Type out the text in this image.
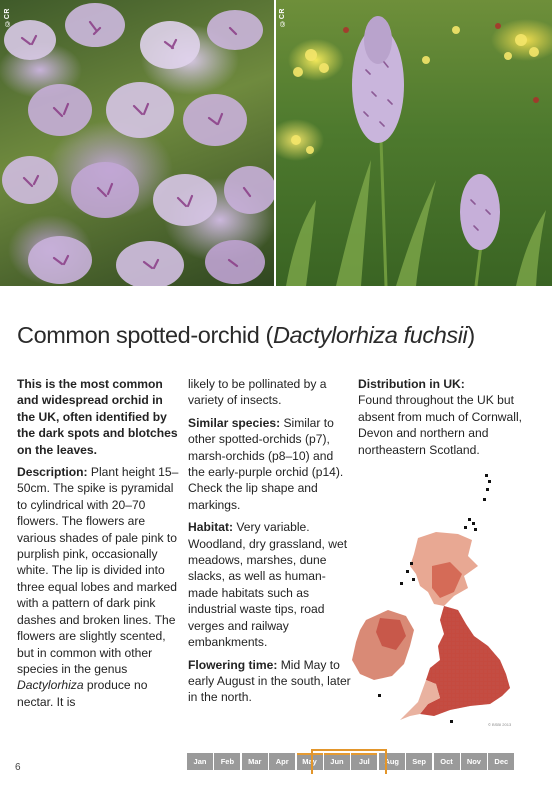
©CR	©CR
Common spotted-orchid (Dactylorhiza fuchsii)

This is the most common and widespread orchid in the UK, often identified by the dark spots and blotches on the leaves.

Description: Plant height 15–50cm. The spike is pyramidal to cylindrical with 20–70 flowers. The flowers are various shades of pale pink to purplish pink, occasionally white. The lip is divided into three equal lobes and marked with a pattern of dark pink dashes and broken lines. The flowers are slightly scented, but in common with other species in the genus Dactylorhiza produce no nectar. It is

likely to be pollinated by a variety of insects.

Similar species: Similar to other spotted-orchids (p7), marsh-orchids (p8–10) and the early-purple orchid (p14). Check the lip shape and markings.

Habitat: Very variable. Woodland, dry grassland, wet meadows, marshes, dune slacks, as well as human-made habitats such as industrial waste tips, road verges and railway embankments.

Flowering time: Mid May to early August in the south, later in the north.

Distribution in UK:

Found throughout the UK but absent from much of Cornwall, Devon and northern and northeastern Scotland.

© BSBI 2013
6
Jan	Feb	Mar	Apr	May	Jun	Jul	Aug	Sep	Oct	Nov	Dec
